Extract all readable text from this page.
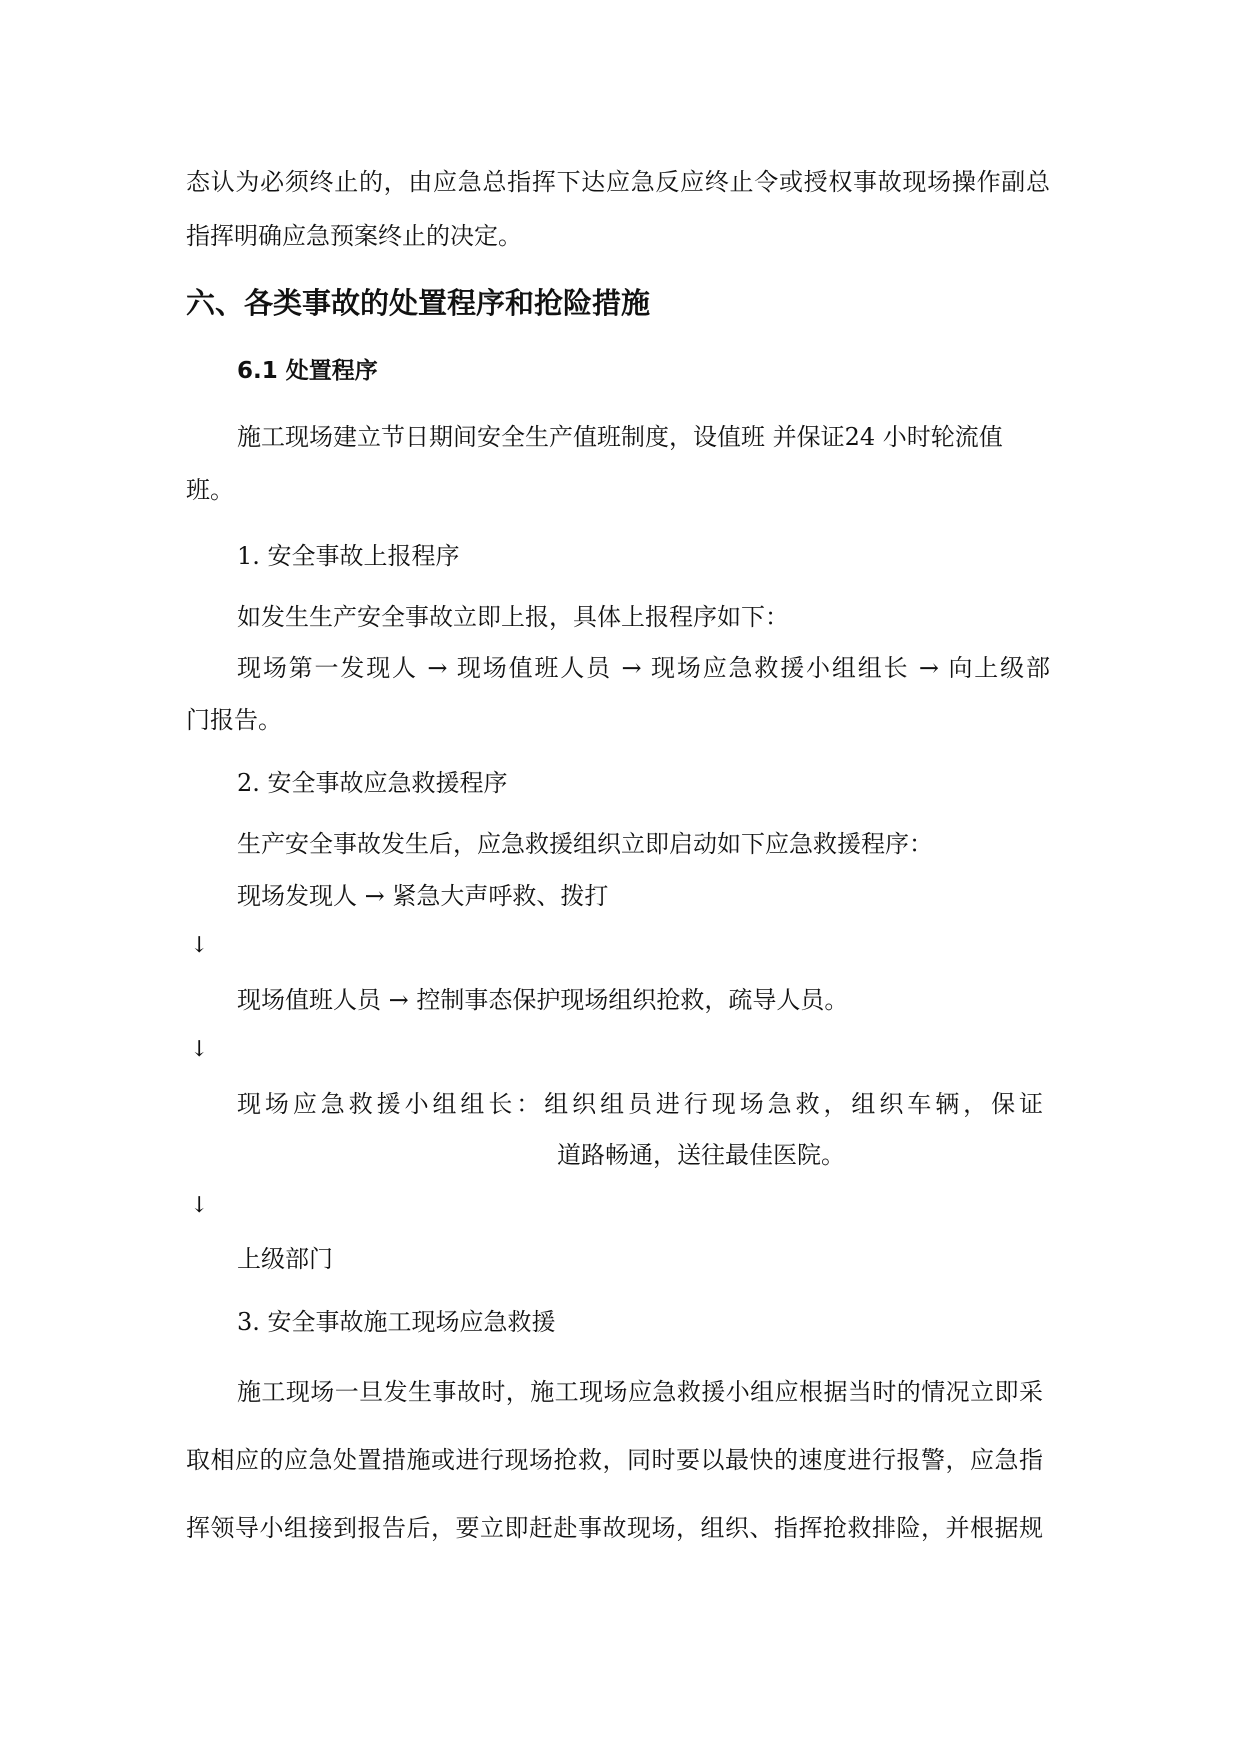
态认为必须终止的，由应急总指挥下达应急反应终止令或授权事故现场操作副总

指挥明确应急预案终止的决定。

六、各类事故的处置程序和抢险措施
6.1 处置程序

施工现场建立节日期间安全生产值班制度，设值班 并保证24 小时轮流值

班。

1. 安全事故上报程序

如发生生产安全事故立即上报，具体上报程序如下：

现场第一发现人 → 现场值班人员 → 现场应急救援小组组长 → 向上级部

门报告。

2. 安全事故应急救援程序

生产安全事故发生后，应急救援组织立即启动如下应急救援程序：

现场发现人 → 紧急大声呼救、拨打

↓

现场值班人员 → 控制事态保护现场组织抢救，疏导人员。

↓

现场应急救援小组组长：组织组员进行现场急救，组织车辆，保证

道路畅通，送往最佳医院。

↓

上级部门

3. 安全事故施工现场应急救援

施工现场一旦发生事故时，施工现场应急救援小组应根据当时的情况立即采

取相应的应急处置措施或进行现场抢救，同时要以最快的速度进行报警，应急指

挥领导小组接到报告后，要立即赶赴事故现场，组织、指挥抢救排险，并根据规
